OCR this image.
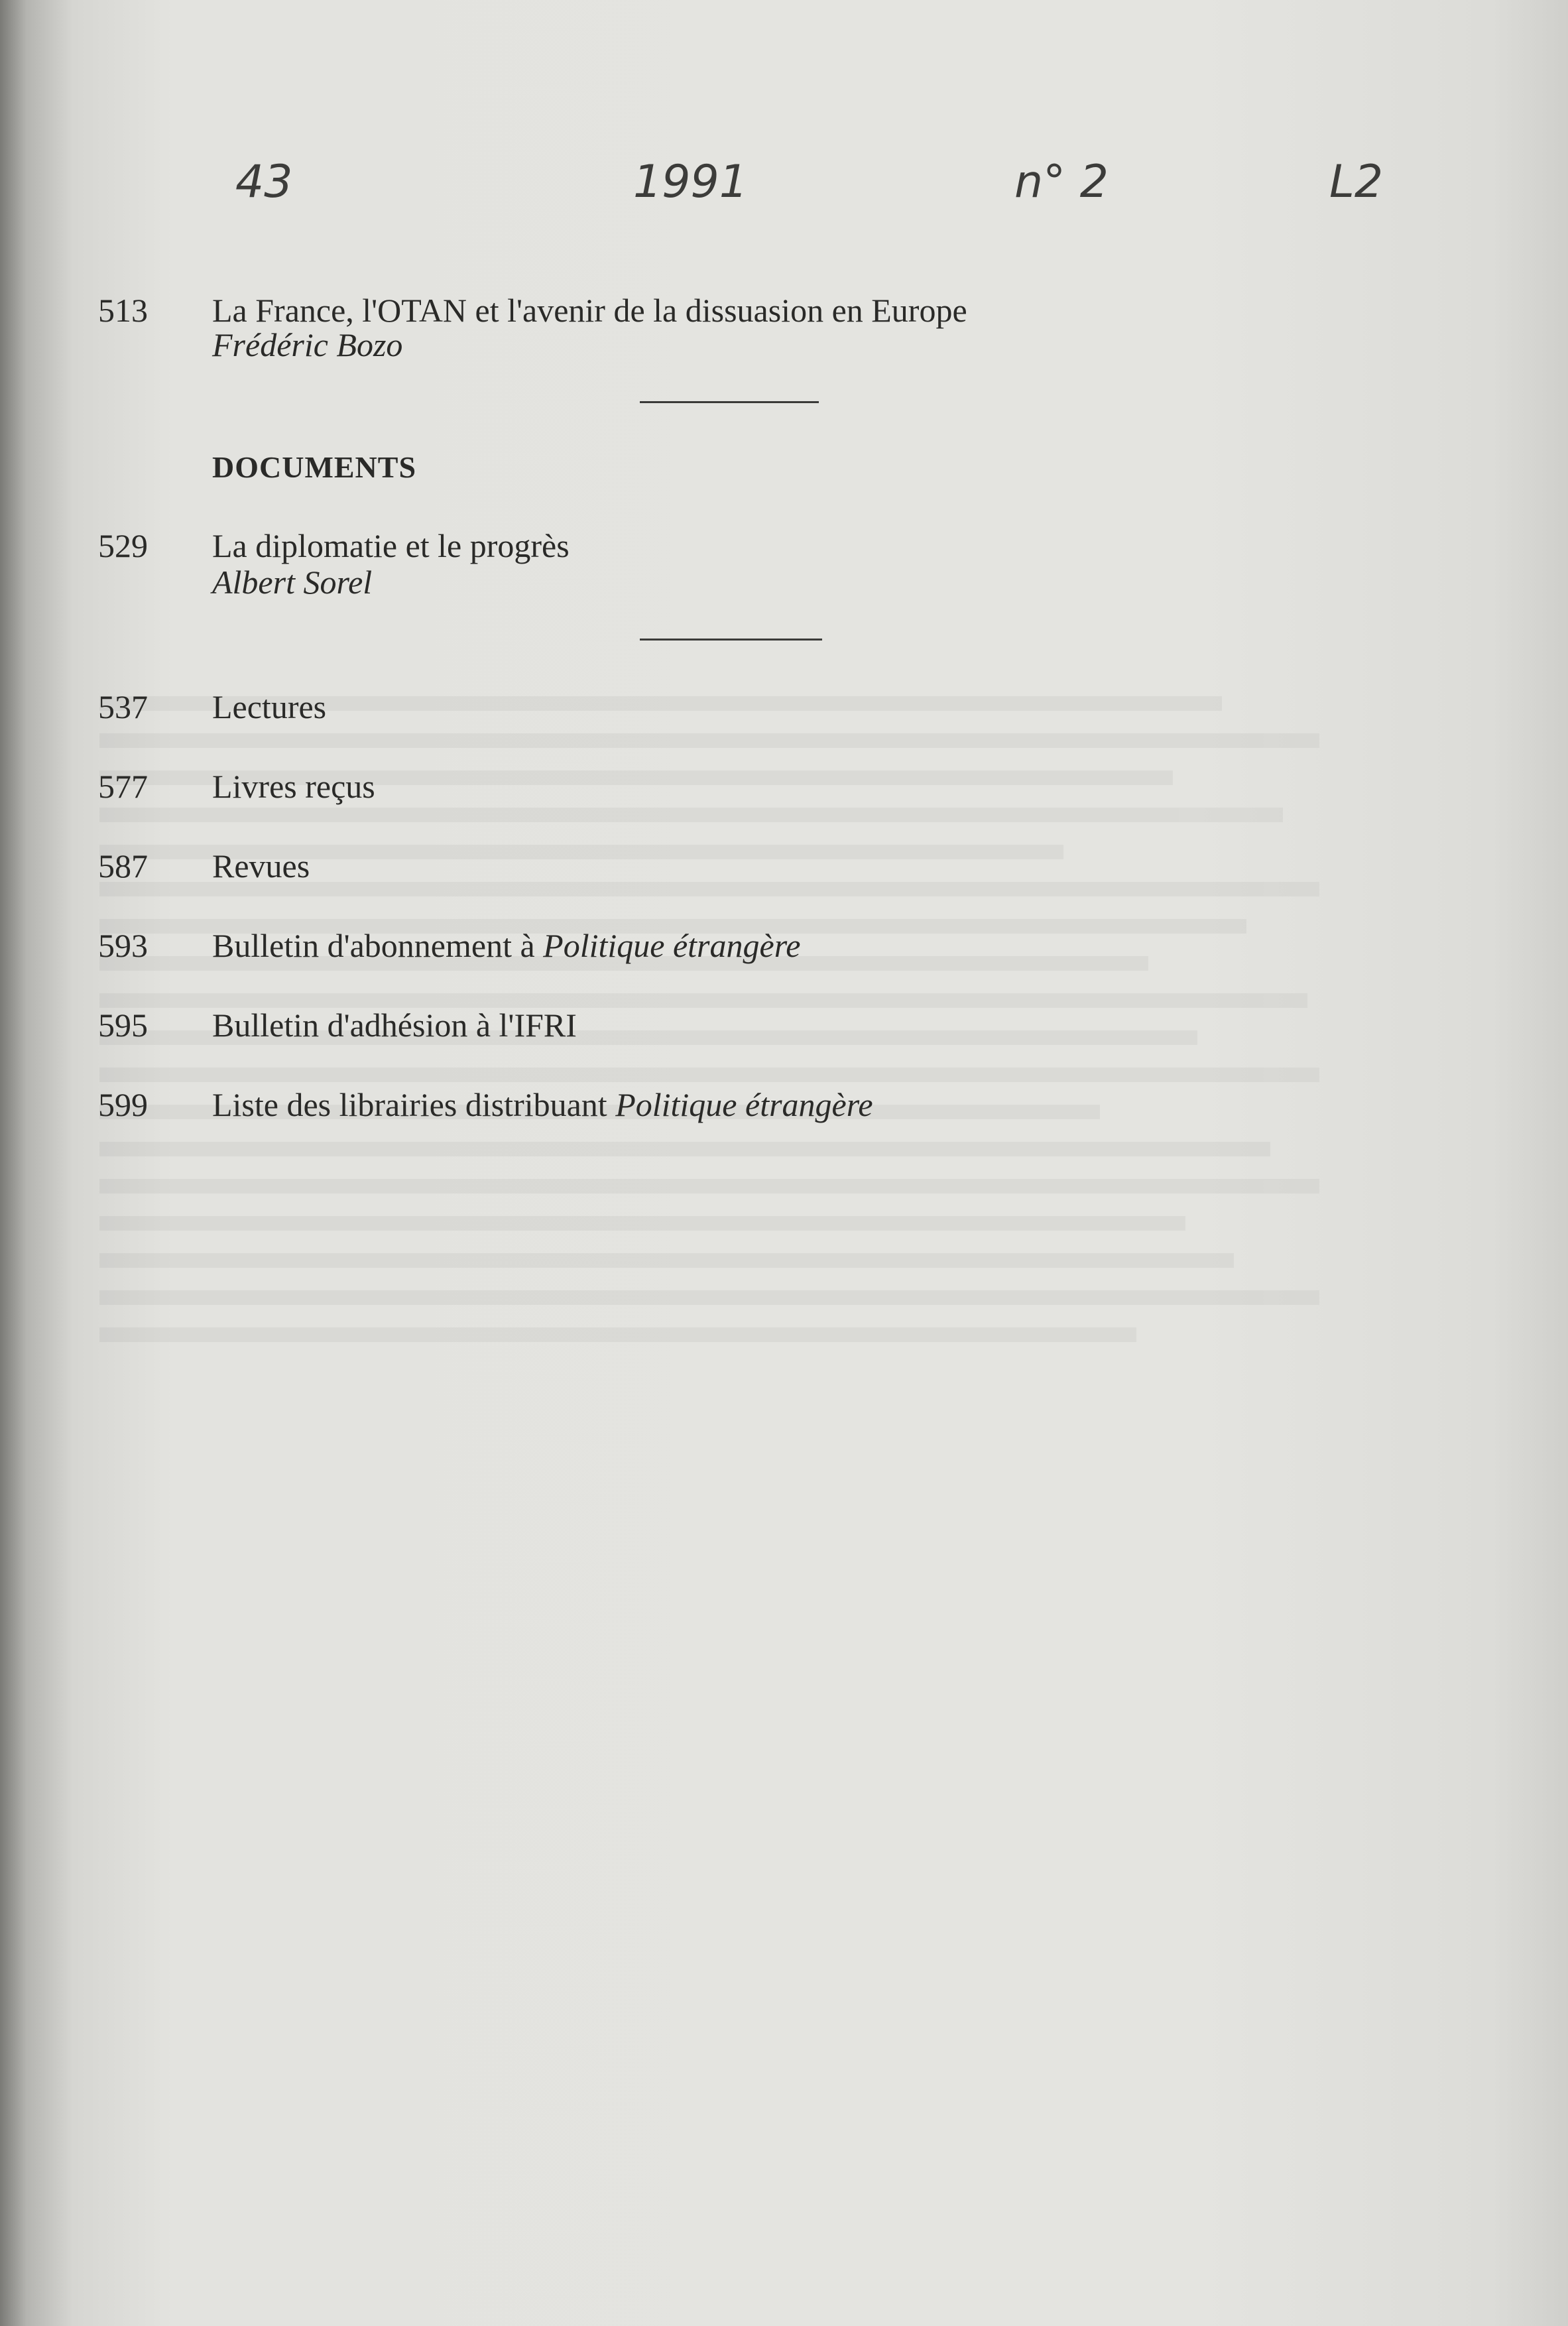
43	1991	n° 2	L2
513 La France, l'OTAN et l'avenir de la dissuasion en Europe
Frédéric Bozo
DOCUMENTS
529 La diplomatie et le progrès
Albert Sorel
537 Lectures
577 Livres reçus
587 Revues
593 Bulletin d'abonnement à Politique étrangère
595 Bulletin d'adhésion à l'IFRI
599 Liste des librairies distribuant Politique étrangère
